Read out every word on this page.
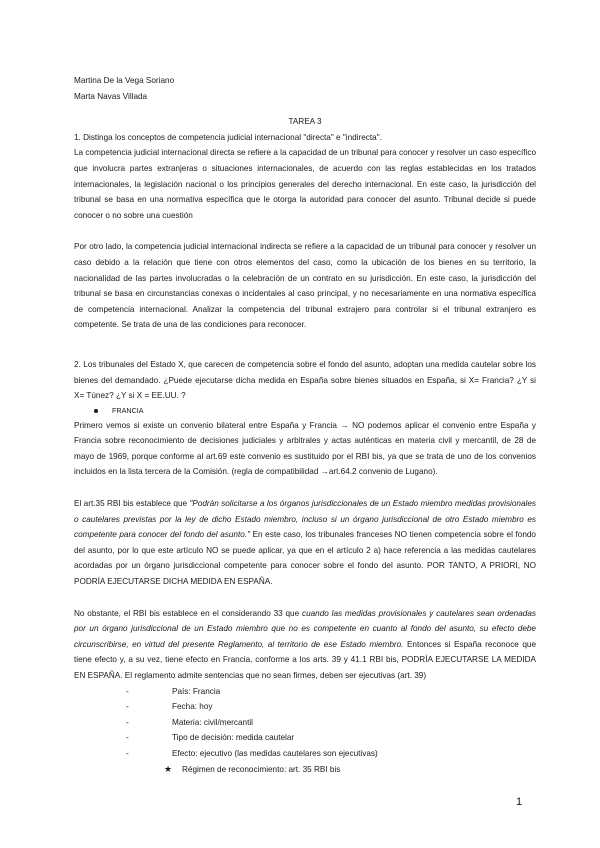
Martina De la Vega Soriano

Marta Navas Villada

TAREA 3

1. Distinga los conceptos de competencia judicial internacional "directa" e "indirecta".

La competencia judicial internacional directa se refiere a la capacidad de un tribunal para conocer y resolver un caso específico que involucra partes extranjeras o situaciones internacionales, de acuerdo con las reglas establecidas en los tratados internacionales, la legislación nacional o los principios generales del derecho internacional. En este caso, la jurisdicción del tribunal se basa en una normativa específica que le otorga la autoridad para conocer del asunto. Tribunal decide si puede conocer o no sobre una cuestión

Por otro lado, la competencia judicial internacional indirecta se refiere a la capacidad de un tribunal para conocer y resolver un caso debido a la relación que tiene con otros elementos del caso, como la ubicación de los bienes en su territorio, la nacionalidad de las partes involucradas o la celebración de un contrato en su jurisdicción. En este caso, la jurisdicción del tribunal se basa en circunstancias conexas o incidentales al caso principal, y no necesariamente en una normativa específica de competencia internacional. Analizar la competencia del tribunal extrajero para controlar si el tribunal extranjero es competente. Se trata de una de las condiciones para reconocer.

2. Los tribunales del Estado X, que carecen de competencia sobre el fondo del asunto, adoptan una medida cautelar sobre los bienes del demandado. ¿Puede ejecutarse dicha medida en España sobre bienes situados en España, si X= Francia? ¿Y si X= Túnez? ¿Y si X = EE.UU. ?

FRANCIA

Primero vemos si existe un convenio bilateral entre España y Francia → NO podemos aplicar el convenio entre España y Francia sobre reconocimiento de decisiones judiciales y arbitrales y actas auténticas en materia civil y mercantil, de 28 de mayo de 1969, porque conforme al art.69 este convenio es sustituido por el RBI bis, ya que se trata de uno de los convenios incluidos en la lista tercera de la Comisión. (regla de compatibilidad →art.64.2 convenio de Lugano).

El art.35 RBI bis establece que "Podrán solicitarse a los órganos jurisdiccionales de un Estado miembro medidas provisionales o cautelares previstas por la ley de dicho Estado miembro, incluso si un órgano jurisdiccional de otro Estado miembro es competente para conocer del fondo del asunto." En este caso, los tribunales franceses NO tienen competencia sobre el fondo del asunto, por lo que este artículo NO se puede aplicar, ya que en el artículo 2 a) hace referencia a las medidas cautelares acordadas por un órgano jurisdiccional competente para conocer sobre el fondo del asunto. POR TANTO, A PRIORI, NO PODRÍA EJECUTARSE DICHA MEDIDA EN ESPAÑA.

No obstante, el RBI bis establece en el considerando 33 que cuando las medidas provisionales y cautelares sean ordenadas por un órgano jurisdiccional de un Estado miembro que no es competente en cuanto al fondo del asunto, su efecto debe circunscribirse, en virtud del presente Reglamento, al territorio de ese Estado miembro. Entonces si España reconoce que tiene efecto y, a su vez, tiene efecto en Francia, conforme a los arts. 39 y 41.1 RBI bis, PODRÍA EJECUTARSE LA MEDIDA EN ESPAÑA. El reglamento admite sentencias que no sean firmes, deben ser ejecutivas (art. 39)

-	País: Francia
-	Fecha: hoy
-	Materia: civil/mercantil
-	Tipo de decisión: medida cautelar
-	Efecto: ejecutivo (las medidas cautelares son ejecutivas)
★ Régimen de reconocimiento: art. 35 RBI bis
1
